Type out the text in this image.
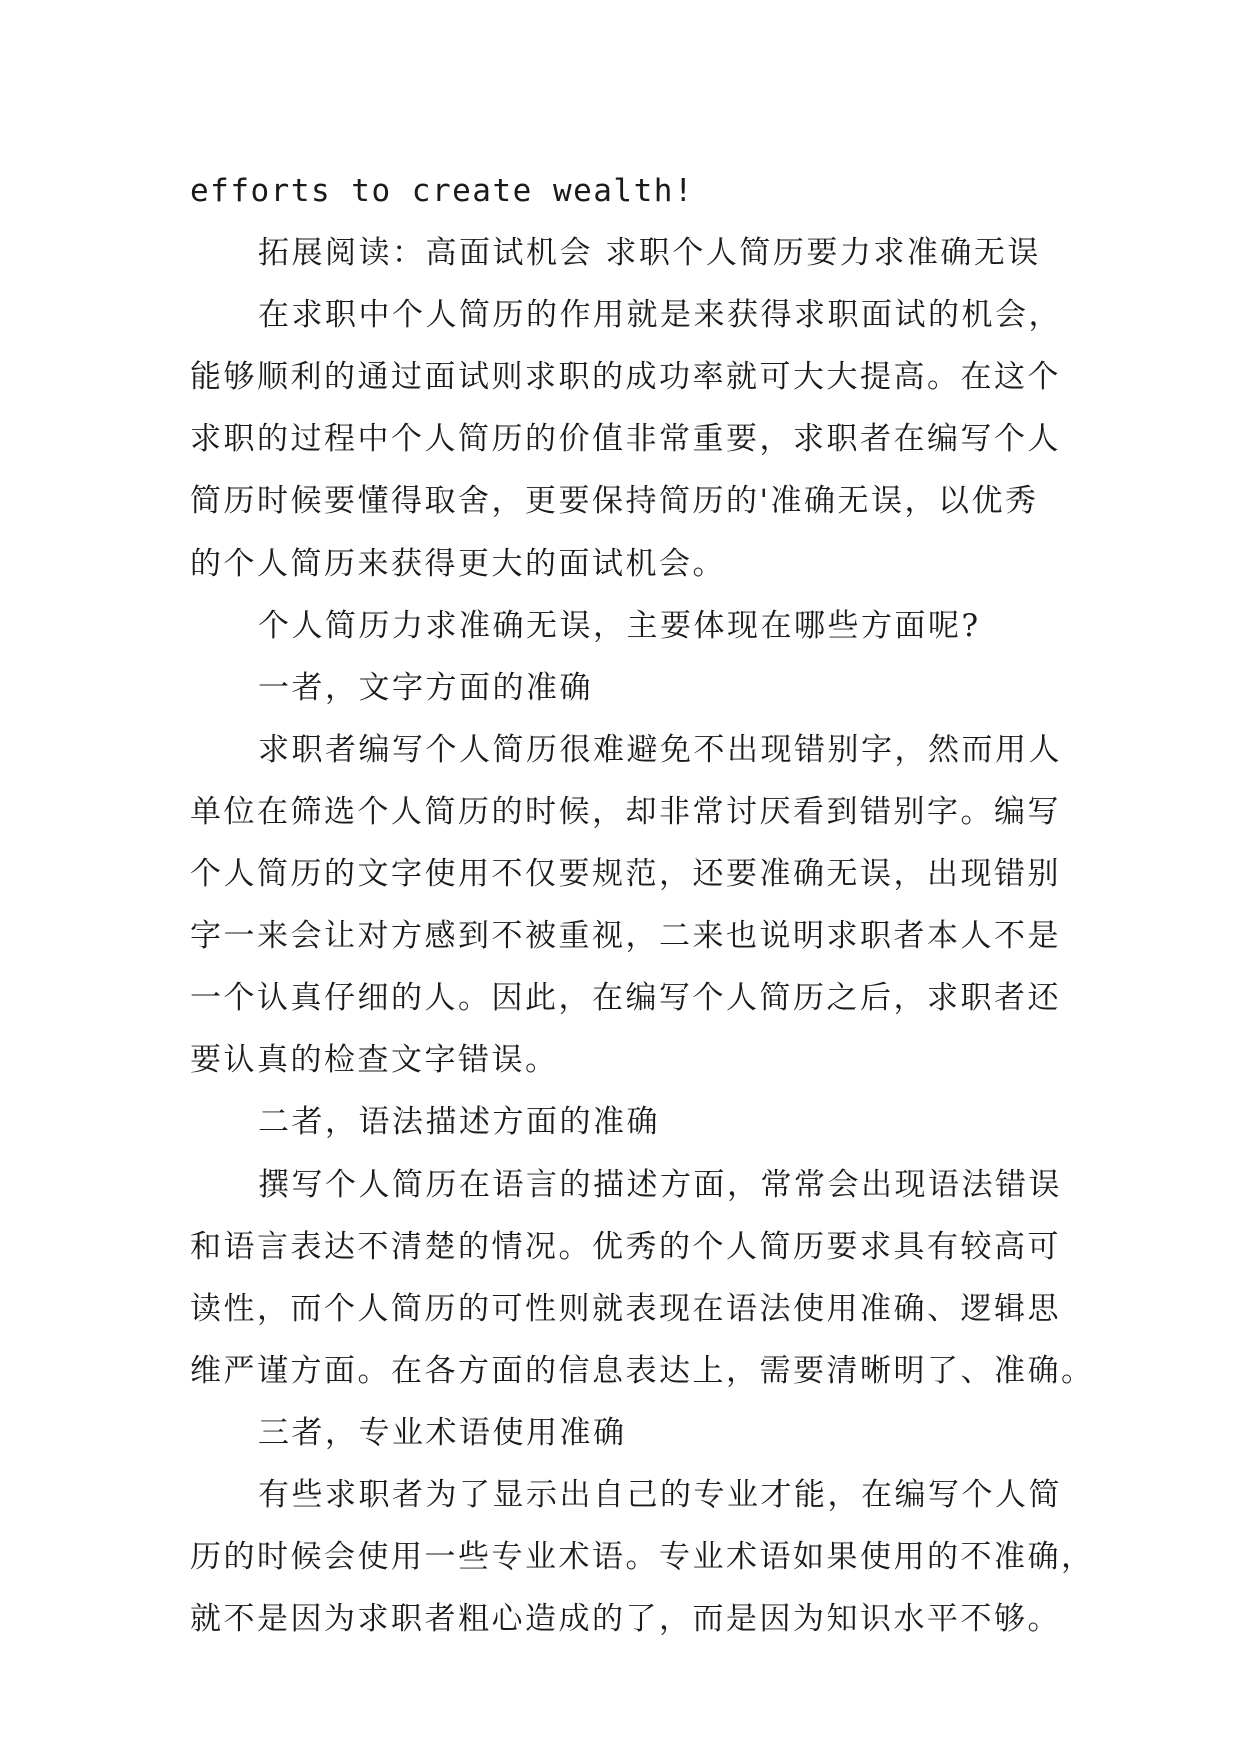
efforts to create wealth!

拓展阅读：高面试机会 求职个人简历要力求准确无误

在求职中个人简历的作用就是来获得求职面试的机会，

能够顺利的通过面试则求职的成功率就可大大提高。在这个

求职的过程中个人简历的价值非常重要，求职者在编写个人

简历时候要懂得取舍，更要保持简历的'准确无误，以优秀

的个人简历来获得更大的面试机会。

个人简历力求准确无误，主要体现在哪些方面呢?

一者，文字方面的准确

求职者编写个人简历很难避免不出现错别字，然而用人

单位在筛选个人简历的时候，却非常讨厌看到错别字。编写

个人简历的文字使用不仅要规范，还要准确无误，出现错别

字一来会让对方感到不被重视，二来也说明求职者本人不是

一个认真仔细的人。因此，在编写个人简历之后，求职者还

要认真的检查文字错误。

二者，语法描述方面的准确

撰写个人简历在语言的描述方面，常常会出现语法错误

和语言表达不清楚的情况。优秀的个人简历要求具有较高可

读性，而个人简历的可性则就表现在语法使用准确、逻辑思

维严谨方面。在各方面的信息表达上，需要清晰明了、准确。

三者，专业术语使用准确

有些求职者为了显示出自己的专业才能，在编写个人简

历的时候会使用一些专业术语。专业术语如果使用的不准确，

就不是因为求职者粗心造成的了，而是因为知识水平不够。
